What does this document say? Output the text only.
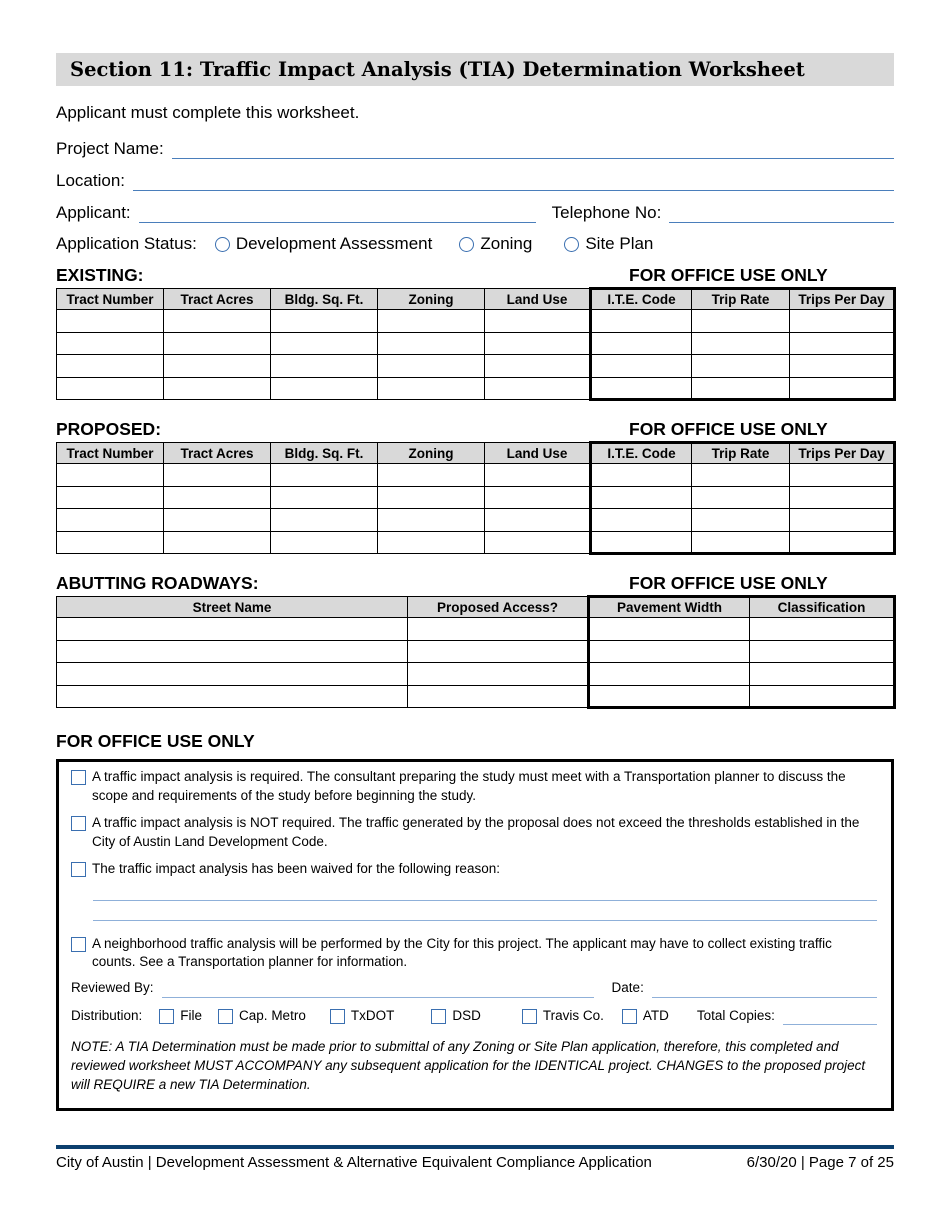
Section 11: Traffic Impact Analysis (TIA) Determination Worksheet
Applicant must complete this worksheet.
Project Name:
Location:
Applicant:	Telephone No:
Application Status: Development Assessment	Zoning	Site Plan
EXISTING:	FOR OFFICE USE ONLY
Tract Number	Tract Acres	Bldg. Sq. Ft.	Zoning	Land Use	I.T.E. Code	Trip Rate	Trips Per Day

PROPOSED:	FOR OFFICE USE ONLY
Tract Number	Tract Acres	Bldg. Sq. Ft.	Zoning	Land Use	I.T.E. Code	Trip Rate	Trips Per Day

ABUTTING ROADWAYS:	FOR OFFICE USE ONLY
Street Name	Proposed Access?	Pavement Width	Classification

FOR OFFICE USE ONLY
A traffic impact analysis is required. The consultant preparing the study must meet with a Transportation planner to discuss the scope and requirements of the study before beginning the study.
A traffic impact analysis is NOT required. The traffic generated by the proposal does not exceed the thresholds established in the City of Austin Land Development Code.
The traffic impact analysis has been waived for the following reason:
A neighborhood traffic analysis will be performed by the City for this project. The applicant may have to collect existing traffic counts. See a Transportation planner for information.
Reviewed By:	Date:
Distribution:	File	Cap. Metro	TxDOT	DSD	Travis Co.	ATD Total Copies:
NOTE: A TIA Determination must be made prior to submittal of any Zoning or Site Plan application, therefore, this completed and reviewed worksheet MUST ACCOMPANY any subsequent application for the IDENTICAL project. CHANGES to the proposed project will REQUIRE a new TIA Determination.
City of Austin | Development Assessment & Alternative Equivalent Compliance Application	6/30/20 | Page 7 of 25
